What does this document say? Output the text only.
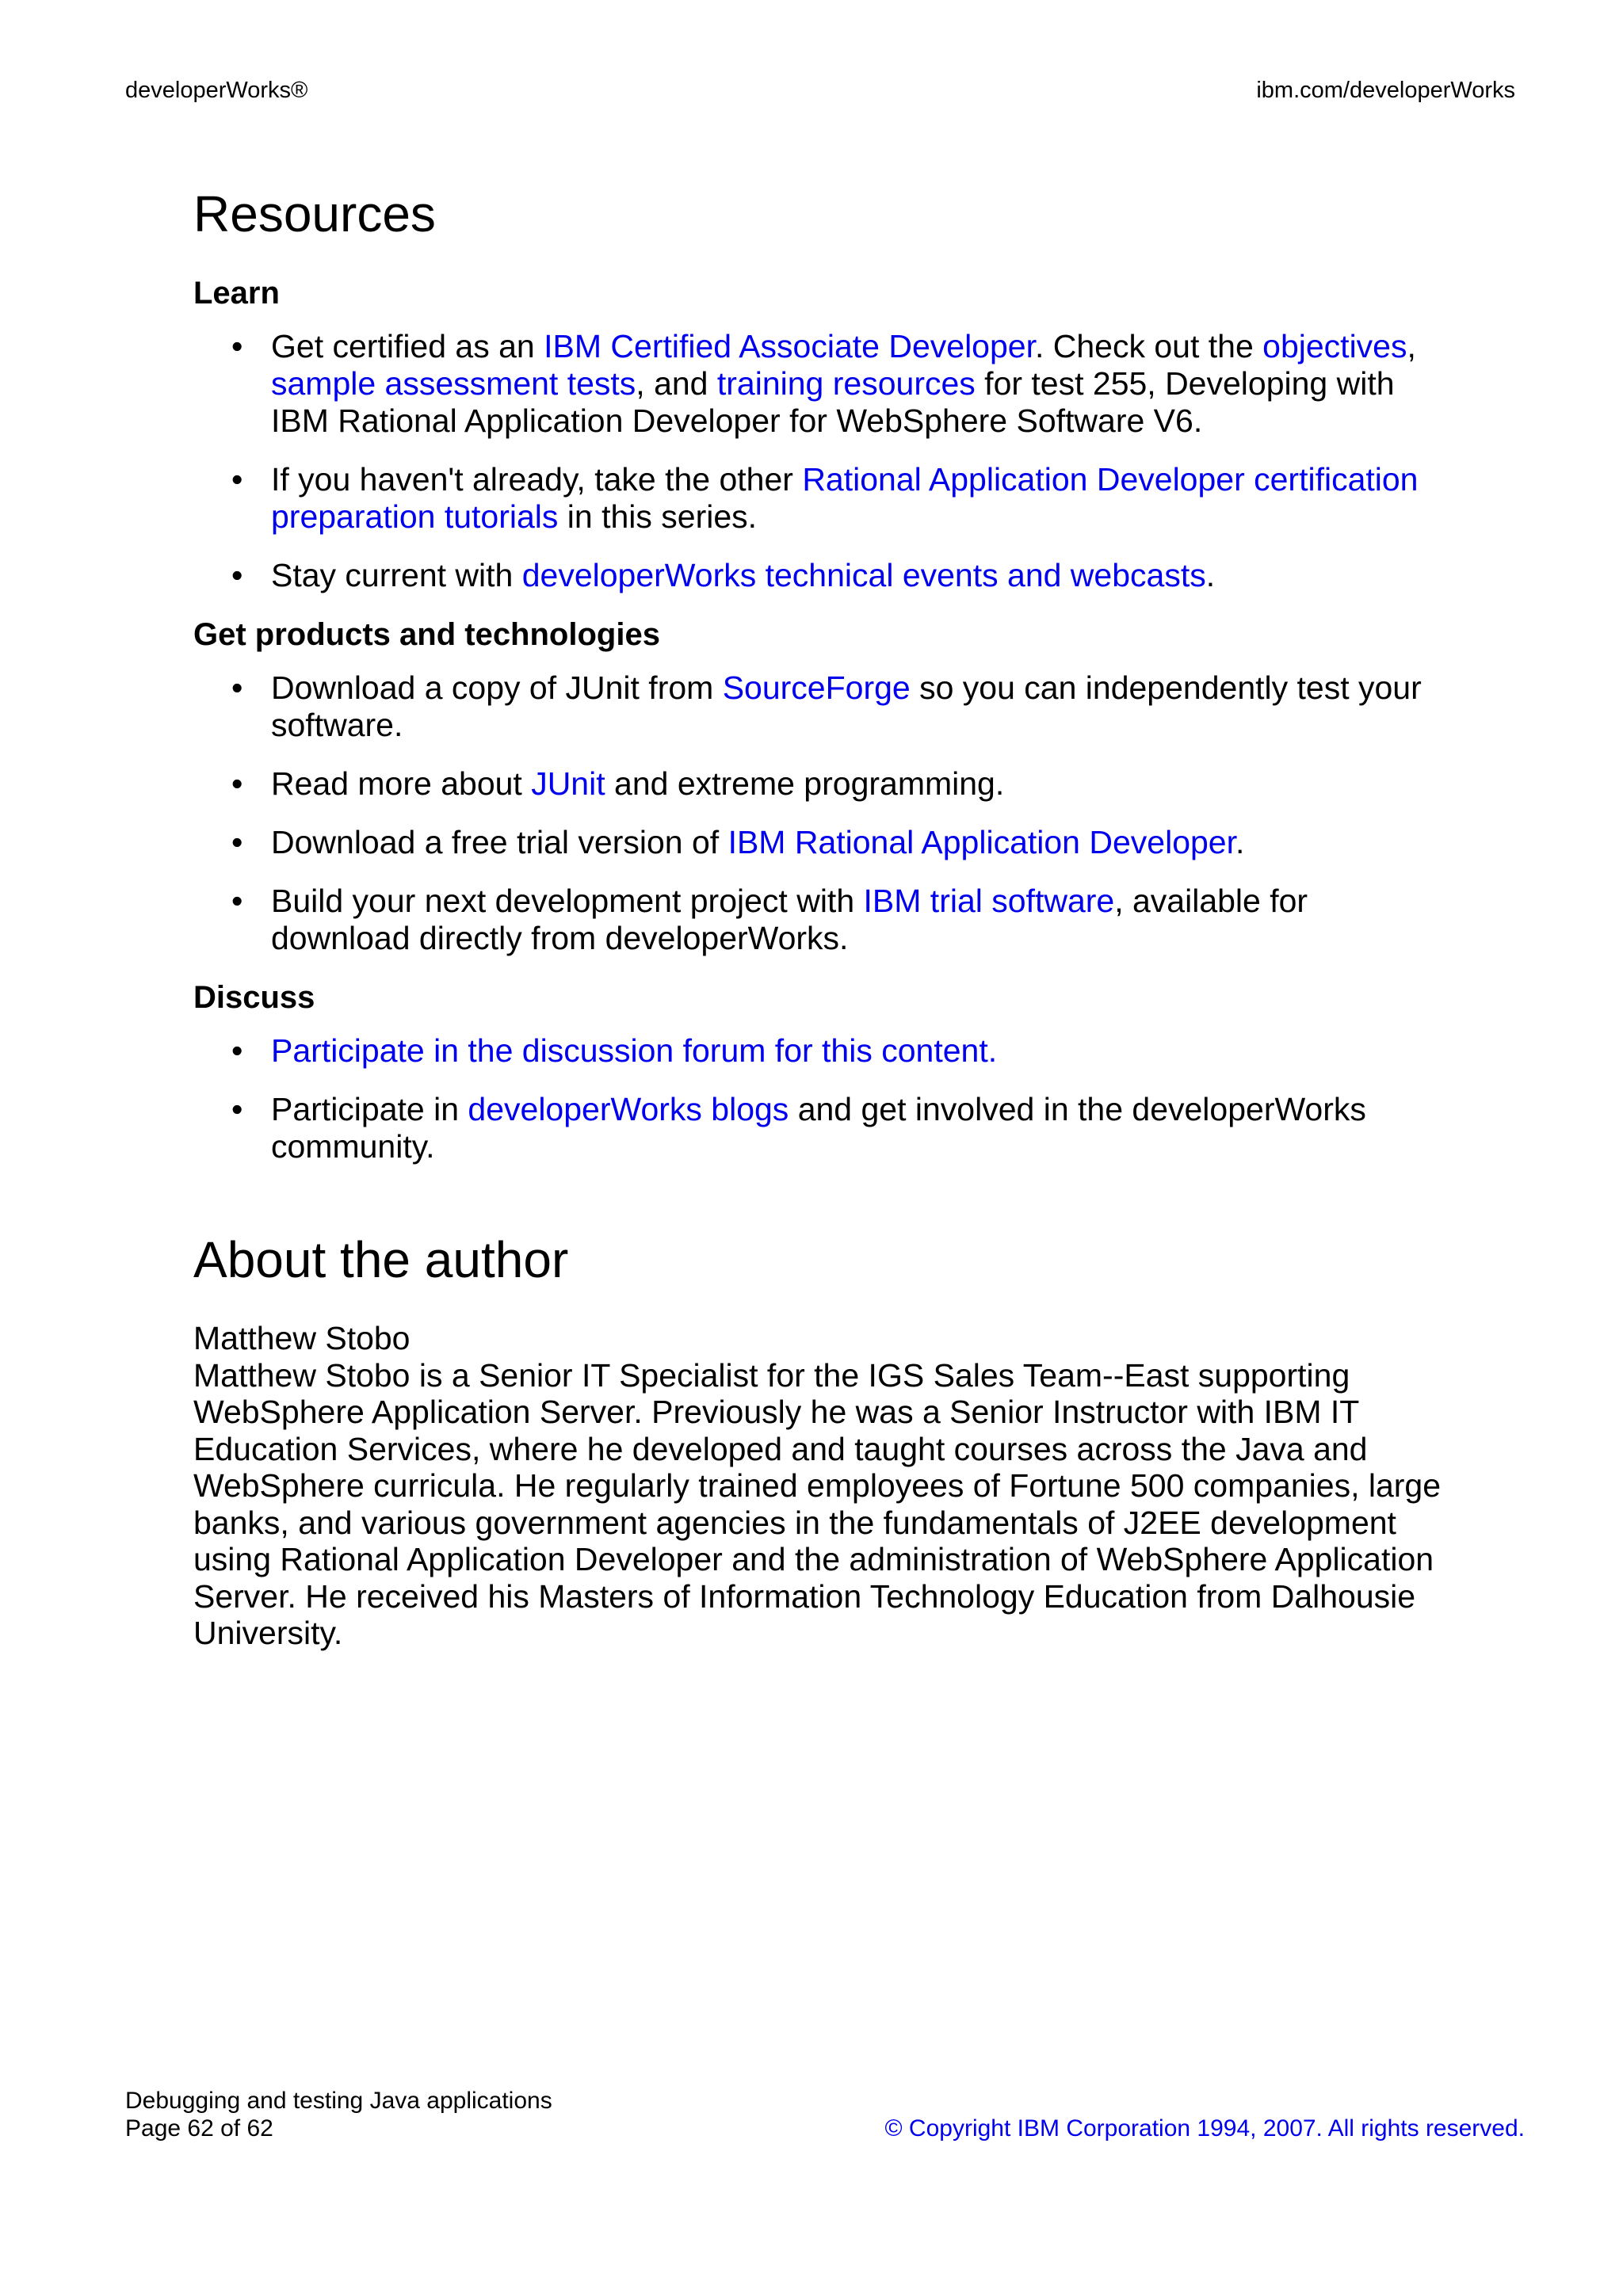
developerWorks®	ibm.com/developerWorks
Resources
Learn
• Get certified as an IBM Certified Associate Developer. Check out the objectives, sample assessment tests, and training resources for test 255, Developing with IBM Rational Application Developer for WebSphere Software V6.
• If you haven't already, take the other Rational Application Developer certification preparation tutorials in this series.
• Stay current with developerWorks technical events and webcasts.
Get products and technologies
• Download a copy of JUnit from SourceForge so you can independently test your software.
• Read more about JUnit and extreme programming.
• Download a free trial version of IBM Rational Application Developer.
• Build your next development project with IBM trial software, available for download directly from developerWorks.
Discuss
• Participate in the discussion forum for this content.
• Participate in developerWorks blogs and get involved in the developerWorks community.
About the author
Matthew Stobo
Matthew Stobo is a Senior IT Specialist for the IGS Sales Team--East supporting WebSphere Application Server. Previously he was a Senior Instructor with IBM IT Education Services, where he developed and taught courses across the Java and WebSphere curricula. He regularly trained employees of Fortune 500 companies, large banks, and various government agencies in the fundamentals of J2EE development using Rational Application Developer and the administration of WebSphere Application Server. He received his Masters of Information Technology Education from Dalhousie University.
Debugging and testing Java applications
Page 62 of 62	© Copyright IBM Corporation 1994, 2007. All rights reserved.
